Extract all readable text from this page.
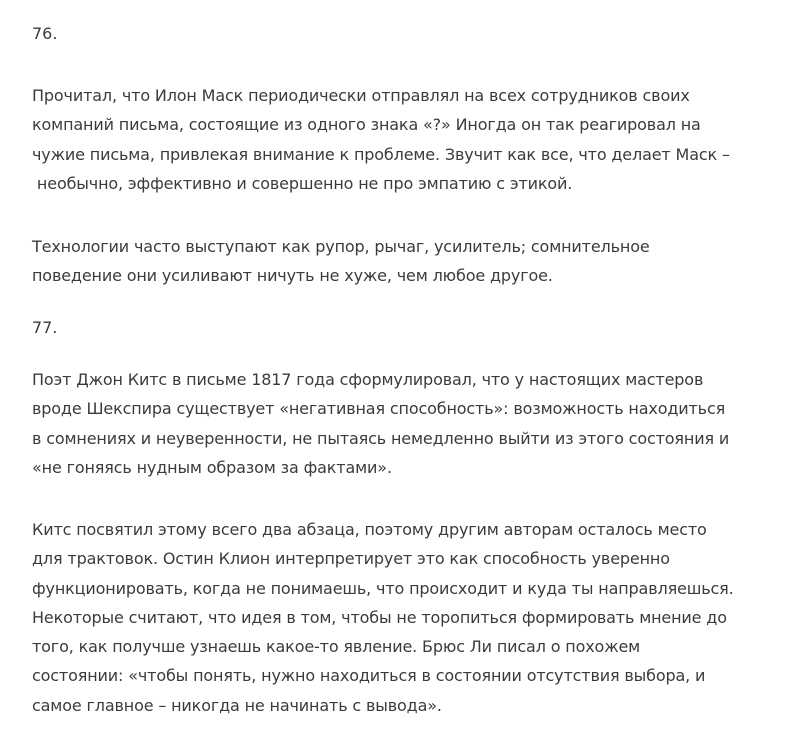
76.

Прочитал, что Илон Маск периодически отправлял на всех сотрудников своих
компаний письма, состоящие из одного знака «?» Иногда он так реагировал на
чужие письма, привлекая внимание к проблеме. Звучит как все, что делает Маск –
необычно, эффективно и совершенно не про эмпатию с этикой.

Технологии часто выступают как рупор, рычаг, усилитель; сомнительное
поведение они усиливают ничуть не хуже, чем любое другое.

77.

Поэт Джон Китс в письме 1817 года сформулировал, что у настоящих мастеров
вроде Шекспира существует «негативная способность»: возможность находиться
в сомнениях и неуверенности, не пытаясь немедленно выйти из этого состояния и
«не гоняясь нудным образом за фактами».

Китс посвятил этому всего два абзаца, поэтому другим авторам осталось место
для трактовок. Остин Клион интерпретирует это как способность уверенно
функционировать, когда не понимаешь, что происходит и куда ты направляешься.
Некоторые считают, что идея в том, чтобы не торопиться формировать мнение до
того, как получше узнаешь какое-то явление. Брюс Ли писал о похожем
состоянии: «чтобы понять, нужно находиться в состоянии отсутствия выбора, и
самое главное – никогда не начинать с вывода».
